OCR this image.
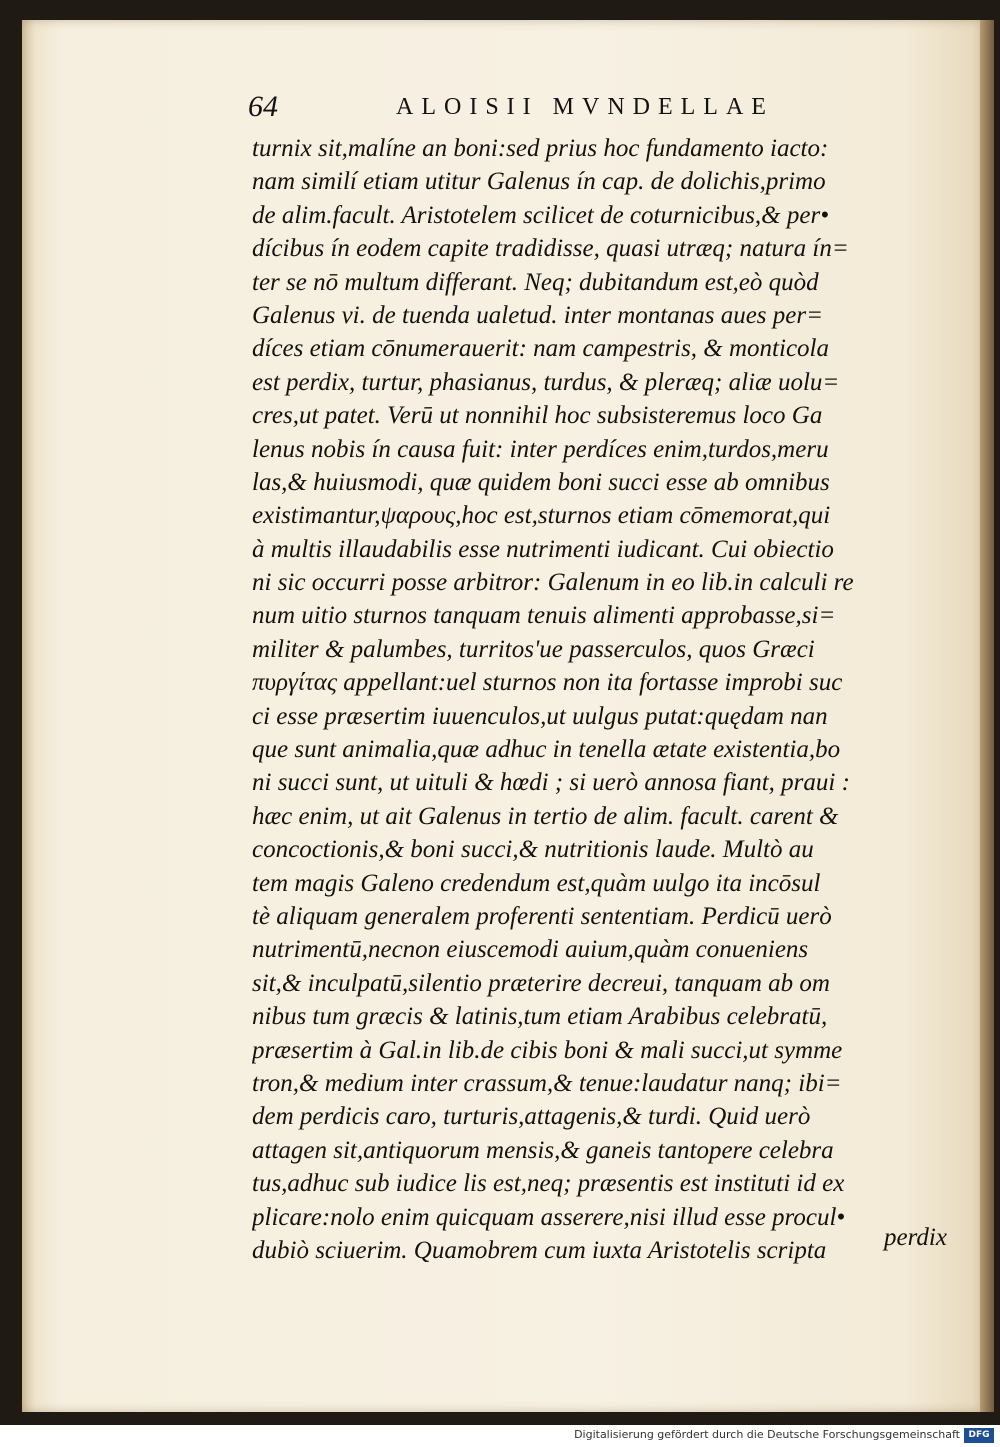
64	ALOISII MVNDELLAE
turnix sit,malíne an boni:sed prius hoc fundamento iacto:
nam similí etiam utitur Galenus ín cap. de dolichis,primo
de alim.facult. Aristotelem scilicet de coturnicibus,& per•
dícibus ín eodem capite tradidisse, quasi utræq; natura ín=
ter se nō multum differant. Neq; dubitandum est,eò quòd
Galenus vi. de tuenda ualetud. inter montanas aues per=
díces etiam cōnumerauerit: nam campestris, & monticola
est perdix, turtur, phasianus, turdus, & pleræq; aliæ uolu=
cres,ut patet. Verū ut nonnihil hoc subsisteremus loco Ga
lenus nobis ín causa fuit: inter perdíces enim,turdos,meru
las,& huiusmodi, quæ quidem boni succi esse ab omnibus
existimantur,ψαρους,hoc est,sturnos etiam cōmemorat,qui
à multis illaudabilis esse nutrimenti iudicant. Cui obiectio
ni sic occurri posse arbitror: Galenum in eo lib.in calculi re
num uitio sturnos tanquam tenuis alimenti approbasse,si=
militer & palumbes, turritos'ue passerculos, quos Græci
πυργίτας appellant:uel sturnos non ita fortasse improbi suc
ci esse præsertim iuuenculos,ut uulgus putat:quędam nan
que sunt animalia,quæ adhuc in tenella ætate existentia,bo
ni succi sunt, ut uituli & hœdi ; si uerò annosa fiant, praui :
hæc enim, ut ait Galenus in tertio de alim. facult. carent &
concoctionis,& boni succi,& nutritionis laude. Multò au
tem magis Galeno credendum est,quàm uulgo ita incōsul
tè aliquam generalem proferenti sententiam. Perdicū uerò
nutrimentū,necnon eiuscemodi auium,quàm conueniens
sit,& inculpatū,silentio præterire decreui, tanquam ab om
nibus tum græcis & latinis,tum etiam Arabibus celebratū,
præsertim à Gal.in lib.de cibis boni & mali succi,ut symme
tron,& medium inter crassum,& tenue:laudatur nanq; ibi=
dem perdicis caro, turturis,attagenis,& turdi. Quid uerò
attagen sit,antiquorum mensis,& ganeis tantopere celebra
tus,adhuc sub iudice lis est,neq; præsentis est instituti id ex
plicare:nolo enim quicquam asserere,nisi illud esse procul•
dubiò sciuerim. Quamobrem cum iuxta Aristotelis scripta	perdix
Digitalisierung gefördert durch die Deutsche Forschungsgemeinschaft DFG
